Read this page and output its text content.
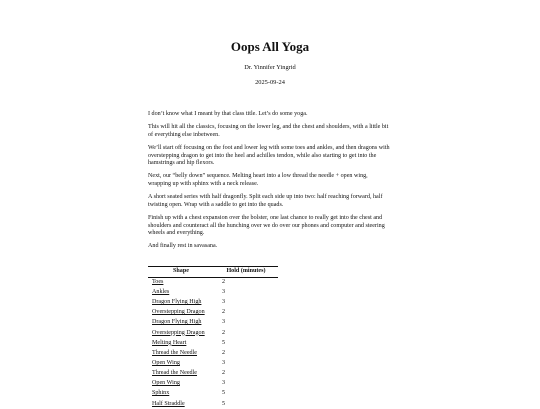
Oops All Yoga
Dr. Yinnifer Yingrid
2025-09-24

I don’t know what I meant by that class title. Let’s do some yoga.

This will hit all the classics, focusing on the lower leg, and the chest and shoulders, with a little bit of everything else inbetween.

We’ll start off focusing on the foot and lower leg with some toes and ankles, and then dragons with overstepping dragon to get into the heel and achilles tendon, while also starting to get into the hamstrings and hip flexors.

Next, our “belly down” sequence. Melting heart into a low thread the needle + open wing, wrapping up with sphinx with a neck release.

A short seated series with half dragonfly. Split each side up into two: half reaching forward, half twisting open. Wrap with a saddle to get into the quads.

Finish up with a chest expansion over the bolster, one last chance to really get into the chest and shoulders and counteract all the hunching over we do over our phones and computer and steering wheels and everything.

And finally rest in savasana.

Shape	Hold (minutes)
Toes	2
Ankles	3
Dragon Flying High	3
Overstepping Dragon	2
Dragon Flying High	3
Overstepping Dragon	2
Melting Heart	5
Thread the Needle	2
Open Wing	3
Thread the Needle	2
Open Wing	3
Sphinx	5
Half Straddle	5
